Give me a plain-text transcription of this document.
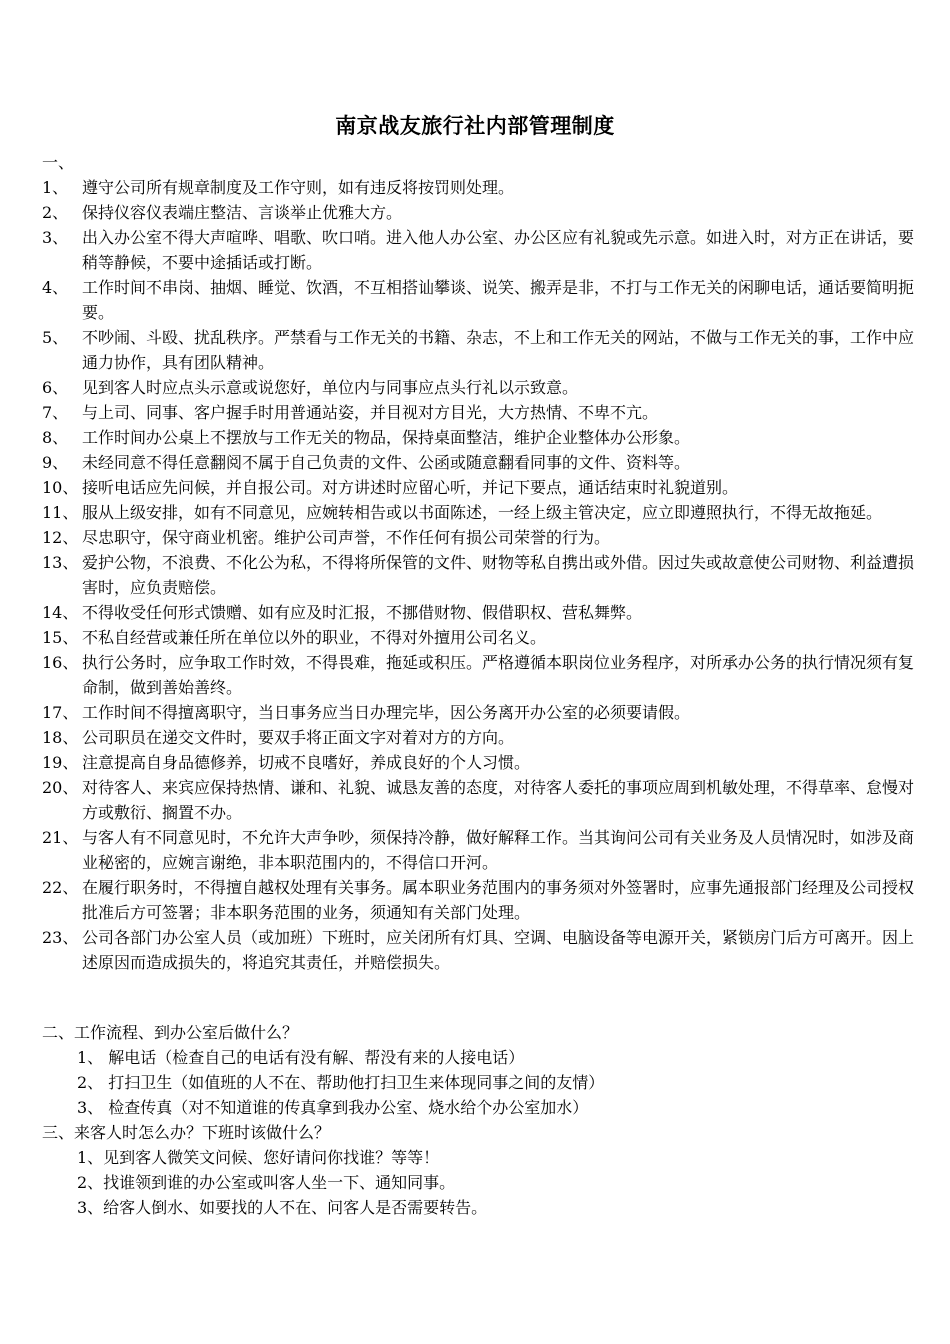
南京战友旅行社内部管理制度
一、
1、 遵守公司所有规章制度及工作守则，如有违反将按罚则处理。
2、 保持仪容仪表端庄整洁、言谈举止优雅大方。
3、 出入办公室不得大声喧哗、唱歌、吹口哨。进入他人办公室、办公区应有礼貌或先示意。如进入时，对方正在讲话，要稍等静候，不要中途插话或打断。
4、 工作时间不串岗、抽烟、睡觉、饮酒，不互相搭讪攀谈、说笑、搬弄是非，不打与工作无关的闲聊电话，通话要简明扼要。
5、 不吵闹、斗殴、扰乱秩序。严禁看与工作无关的书籍、杂志，不上和工作无关的网站，不做与工作无关的事，工作中应通力协作，具有团队精神。
6、 见到客人时应点头示意或说您好，单位内与同事应点头行礼以示致意。
7、 与上司、同事、客户握手时用普通站姿，并目视对方目光，大方热情、不卑不亢。
8、 工作时间办公桌上不摆放与工作无关的物品，保持桌面整洁，维护企业整体办公形象。
9、 未经同意不得任意翻阅不属于自己负责的文件、公函或随意翻看同事的文件、资料等。
10、 接听电话应先问候，并自报公司。对方讲述时应留心听，并记下要点，通话结束时礼貌道别。
11、 服从上级安排，如有不同意见，应婉转相告或以书面陈述，一经上级主管决定，应立即遵照执行，不得无故拖延。
12、 尽忠职守，保守商业机密。维护公司声誉，不作任何有损公司荣誉的行为。
13、 爱护公物，不浪费、不化公为私，不得将所保管的文件、财物等私自携出或外借。因过失或故意使公司财物、利益遭损害时，应负责赔偿。
14、 不得收受任何形式馈赠、如有应及时汇报，不挪借财物、假借职权、营私舞弊。
15、 不私自经营或兼任所在单位以外的职业，不得对外擅用公司名义。
16、 执行公务时，应争取工作时效，不得畏难，拖延或积压。严格遵循本职岗位业务程序，对所承办公务的执行情况须有复命制，做到善始善终。
17、 工作时间不得擅离职守，当日事务应当日办理完毕，因公务离开办公室的必须要请假。
18、 公司职员在递交文件时，要双手将正面文字对着对方的方向。
19、 注意提高自身品德修养，切戒不良嗜好，养成良好的个人习惯。
20、 对待客人、来宾应保持热情、谦和、礼貌、诚恳友善的态度，对待客人委托的事项应周到机敏处理，不得草率、怠慢对方或敷衍、搁置不办。
21、 与客人有不同意见时，不允许大声争吵，须保持冷静，做好解释工作。当其询问公司有关业务及人员情况时，如涉及商业秘密的，应婉言谢绝，非本职范围内的，不得信口开河。
22、 在履行职务时，不得擅自越权处理有关事务。属本职业务范围内的事务须对外签署时，应事先通报部门经理及公司授权批准后方可签署；非本职务范围的业务，须通知有关部门处理。
23、 公司各部门办公室人员（或加班）下班时，应关闭所有灯具、空调、电脑设备等电源开关，紧锁房门后方可离开。因上述原因而造成损失的，将追究其责任，并赔偿损失。
二、工作流程、到办公室后做什么？
1、 解电话（检查自己的电话有没有解、帮没有来的人接电话）
2、 打扫卫生（如值班的人不在、帮助他打扫卫生来体现同事之间的友情）
3、 检查传真（对不知道谁的传真拿到我办公室、烧水给个办公室加水）
三、来客人时怎么办？下班时该做什么？
1、见到客人微笑文问候、您好请问你找谁？等等！
2、找谁领到谁的办公室或叫客人坐一下、通知同事。
3、给客人倒水、如要找的人不在、问客人是否需要转告。
